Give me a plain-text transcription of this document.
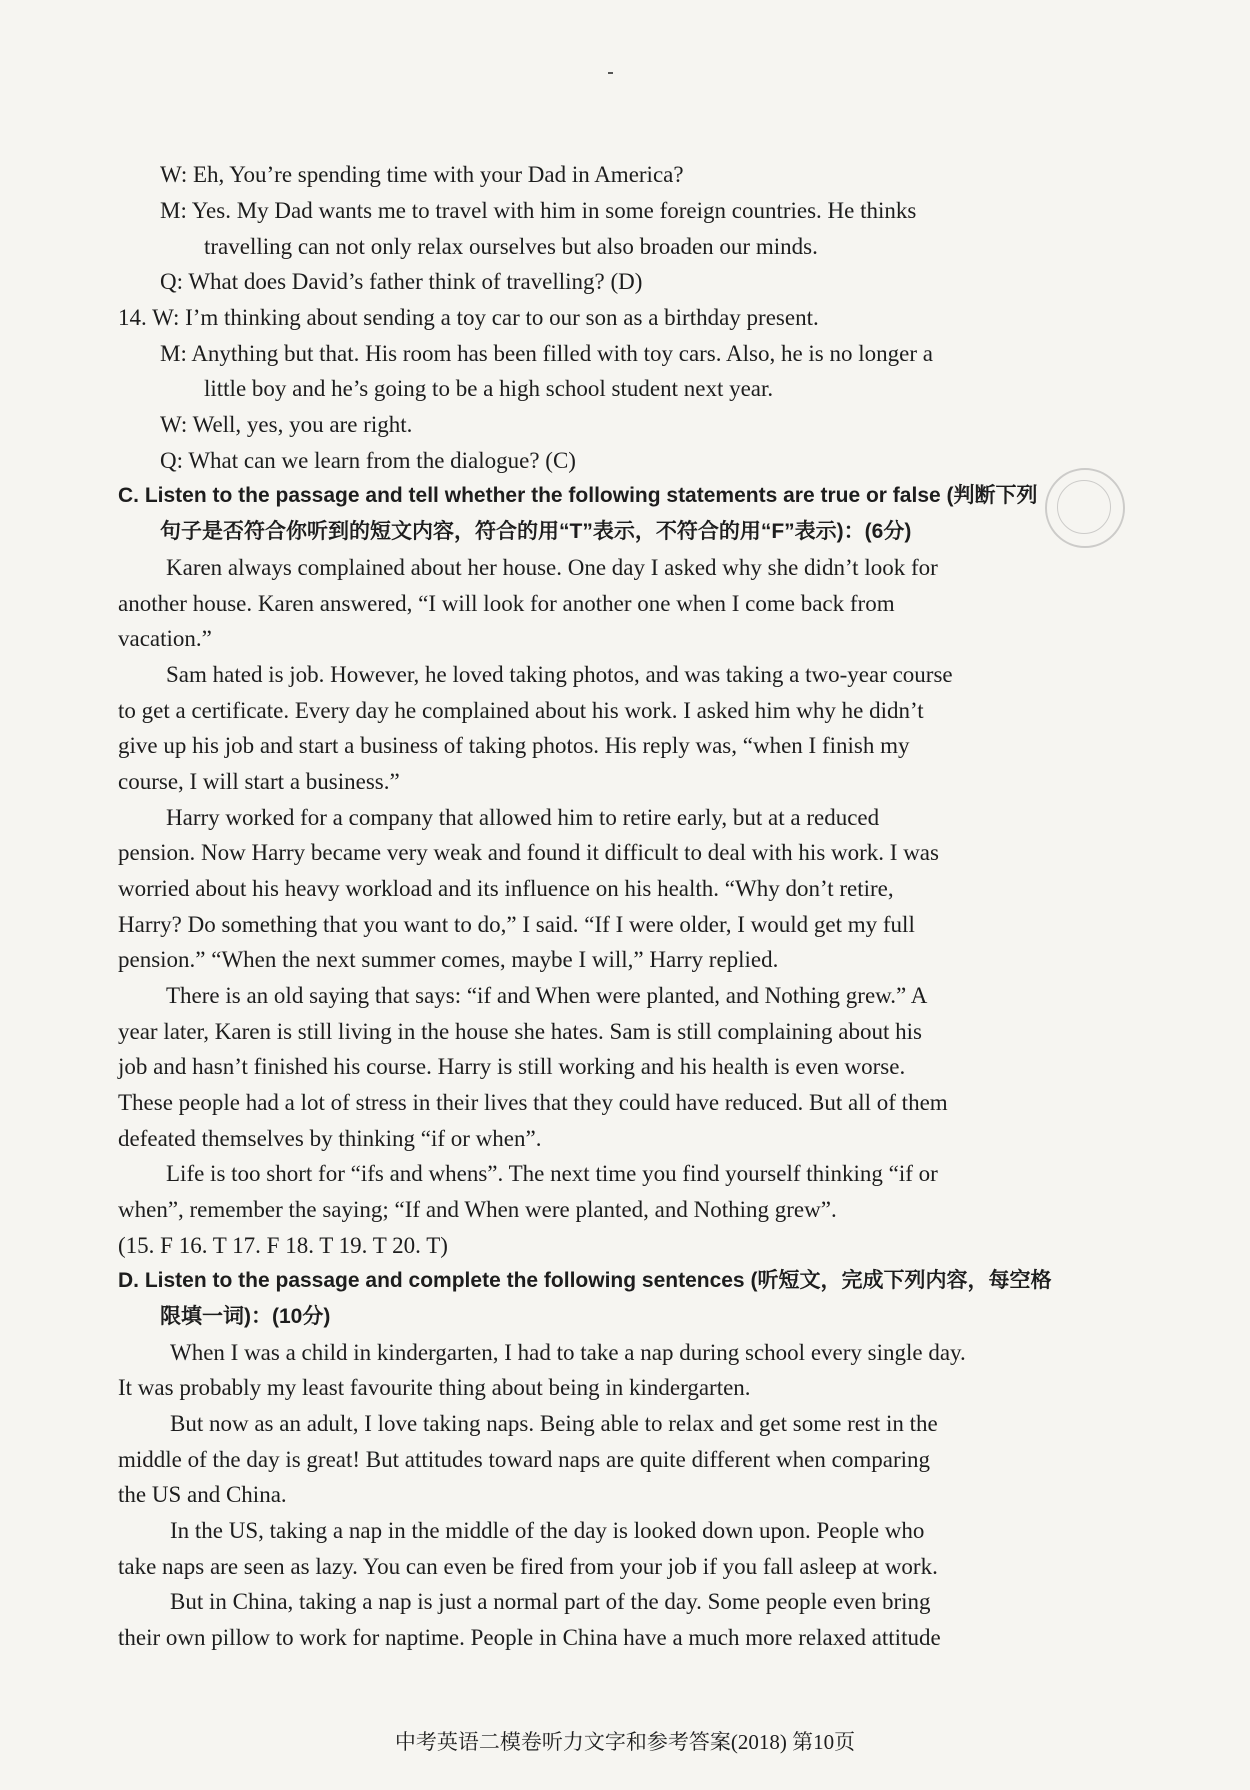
W: Eh, You’re spending time with your Dad in America?
M: Yes. My Dad wants me to travel with him in some foreign countries. He thinks
travelling can not only relax ourselves but also broaden our minds.
Q: What does David’s father think of travelling? (D)
14. W: I’m thinking about sending a toy car to our son as a birthday present.
M: Anything but that. His room has been filled with toy cars. Also, he is no longer a
little boy and he’s going to be a high school student next year.
W: Well, yes, you are right.
Q: What can we learn from the dialogue? (C)
C. Listen to the passage and tell whether the following statements are true or false (判断下列
句子是否符合你听到的短文内容，符合的用“T”表示，不符合的用“F”表示)：(6分)
Karen always complained about her house. One day I asked why she didn’t look for
another house. Karen answered, “I will look for another one when I come back from
vacation.”
Sam hated is job. However, he loved taking photos, and was taking a two-year course
to get a certificate. Every day he complained about his work. I asked him why he didn’t
give up his job and start a business of taking photos. His reply was, “when I finish my
course, I will start a business.”
Harry worked for a company that allowed him to retire early, but at a reduced
pension. Now Harry became very weak and found it difficult to deal with his work. I was
worried about his heavy workload and its influence on his health. “Why don’t retire,
Harry? Do something that you want to do,” I said. “If I were older, I would get my full
pension.” “When the next summer comes, maybe I will,” Harry replied.
There is an old saying that says: “if and When were planted, and Nothing grew.” A
year later, Karen is still living in the house she hates. Sam is still complaining about his
job and hasn’t finished his course. Harry is still working and his health is even worse.
These people had a lot of stress in their lives that they could have reduced. But all of them
defeated themselves by thinking “if or when”.
Life is too short for “ifs and whens”. The next time you find yourself thinking “if or
when”, remember the saying; “If and When were planted, and Nothing grew”.
(15. F 16. T 17. F 18. T 19. T 20. T)
D. Listen to the passage and complete the following sentences (听短文，完成下列内容，每空格
限填一词)：(10分)
When I was a child in kindergarten, I had to take a nap during school every single day.
It was probably my least favourite thing about being in kindergarten.
But now as an adult, I love taking naps. Being able to relax and get some rest in the
middle of the day is great! But attitudes toward naps are quite different when comparing
the US and China.
In the US, taking a nap in the middle of the day is looked down upon. People who
take naps are seen as lazy. You can even be fired from your job if you fall asleep at work.
But in China, taking a nap is just a normal part of the day. Some people even bring
their own pillow to work for naptime. People in China have a much more relaxed attitude
中考英语二模卷听力文字和参考答案(2018) 第10页
